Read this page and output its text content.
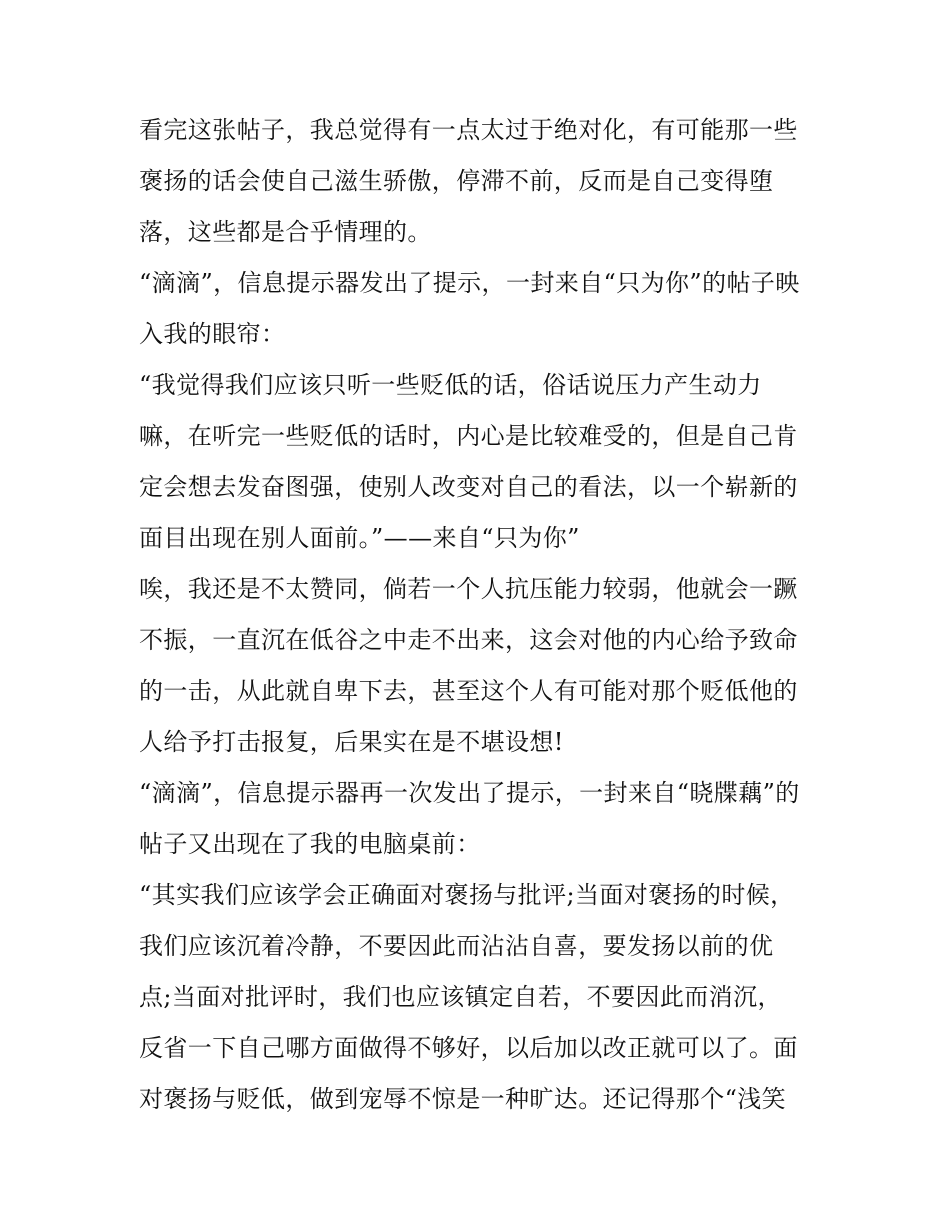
看完这张帖子，我总觉得有一点太过于绝对化，有可能那一些
褒扬的话会使自己滋生骄傲，停滞不前，反而是自己变得堕
落，这些都是合乎情理的。
“滴滴”，信息提示器发出了提示，一封来自“只为你”的帖子映
入我的眼帘：
“我觉得我们应该只听一些贬低的话，俗话说压力产生动力
嘛，在听完一些贬低的话时，内心是比较难受的，但是自己肯
定会想去发奋图强，使别人改变对自己的看法，以一个崭新的
面目出现在别人面前。”——来自“只为你”
唉，我还是不太赞同，倘若一个人抗压能力较弱，他就会一蹶
不振，一直沉在低谷之中走不出来，这会对他的内心给予致命
的一击，从此就自卑下去，甚至这个人有可能对那个贬低他的
人给予打击报复，后果实在是不堪设想!
“滴滴”，信息提示器再一次发出了提示，一封来自“晓牒藕”的
帖子又出现在了我的电脑桌前：
“其实我们应该学会正确面对褒扬与批评;当面对褒扬的时候，
我们应该沉着冷静，不要因此而沾沾自喜，要发扬以前的优
点;当面对批评时，我们也应该镇定自若，不要因此而消沉，
反省一下自己哪方面做得不够好，以后加以改正就可以了。面
对褒扬与贬低，做到宠辱不惊是一种旷达。还记得那个“浅笑
